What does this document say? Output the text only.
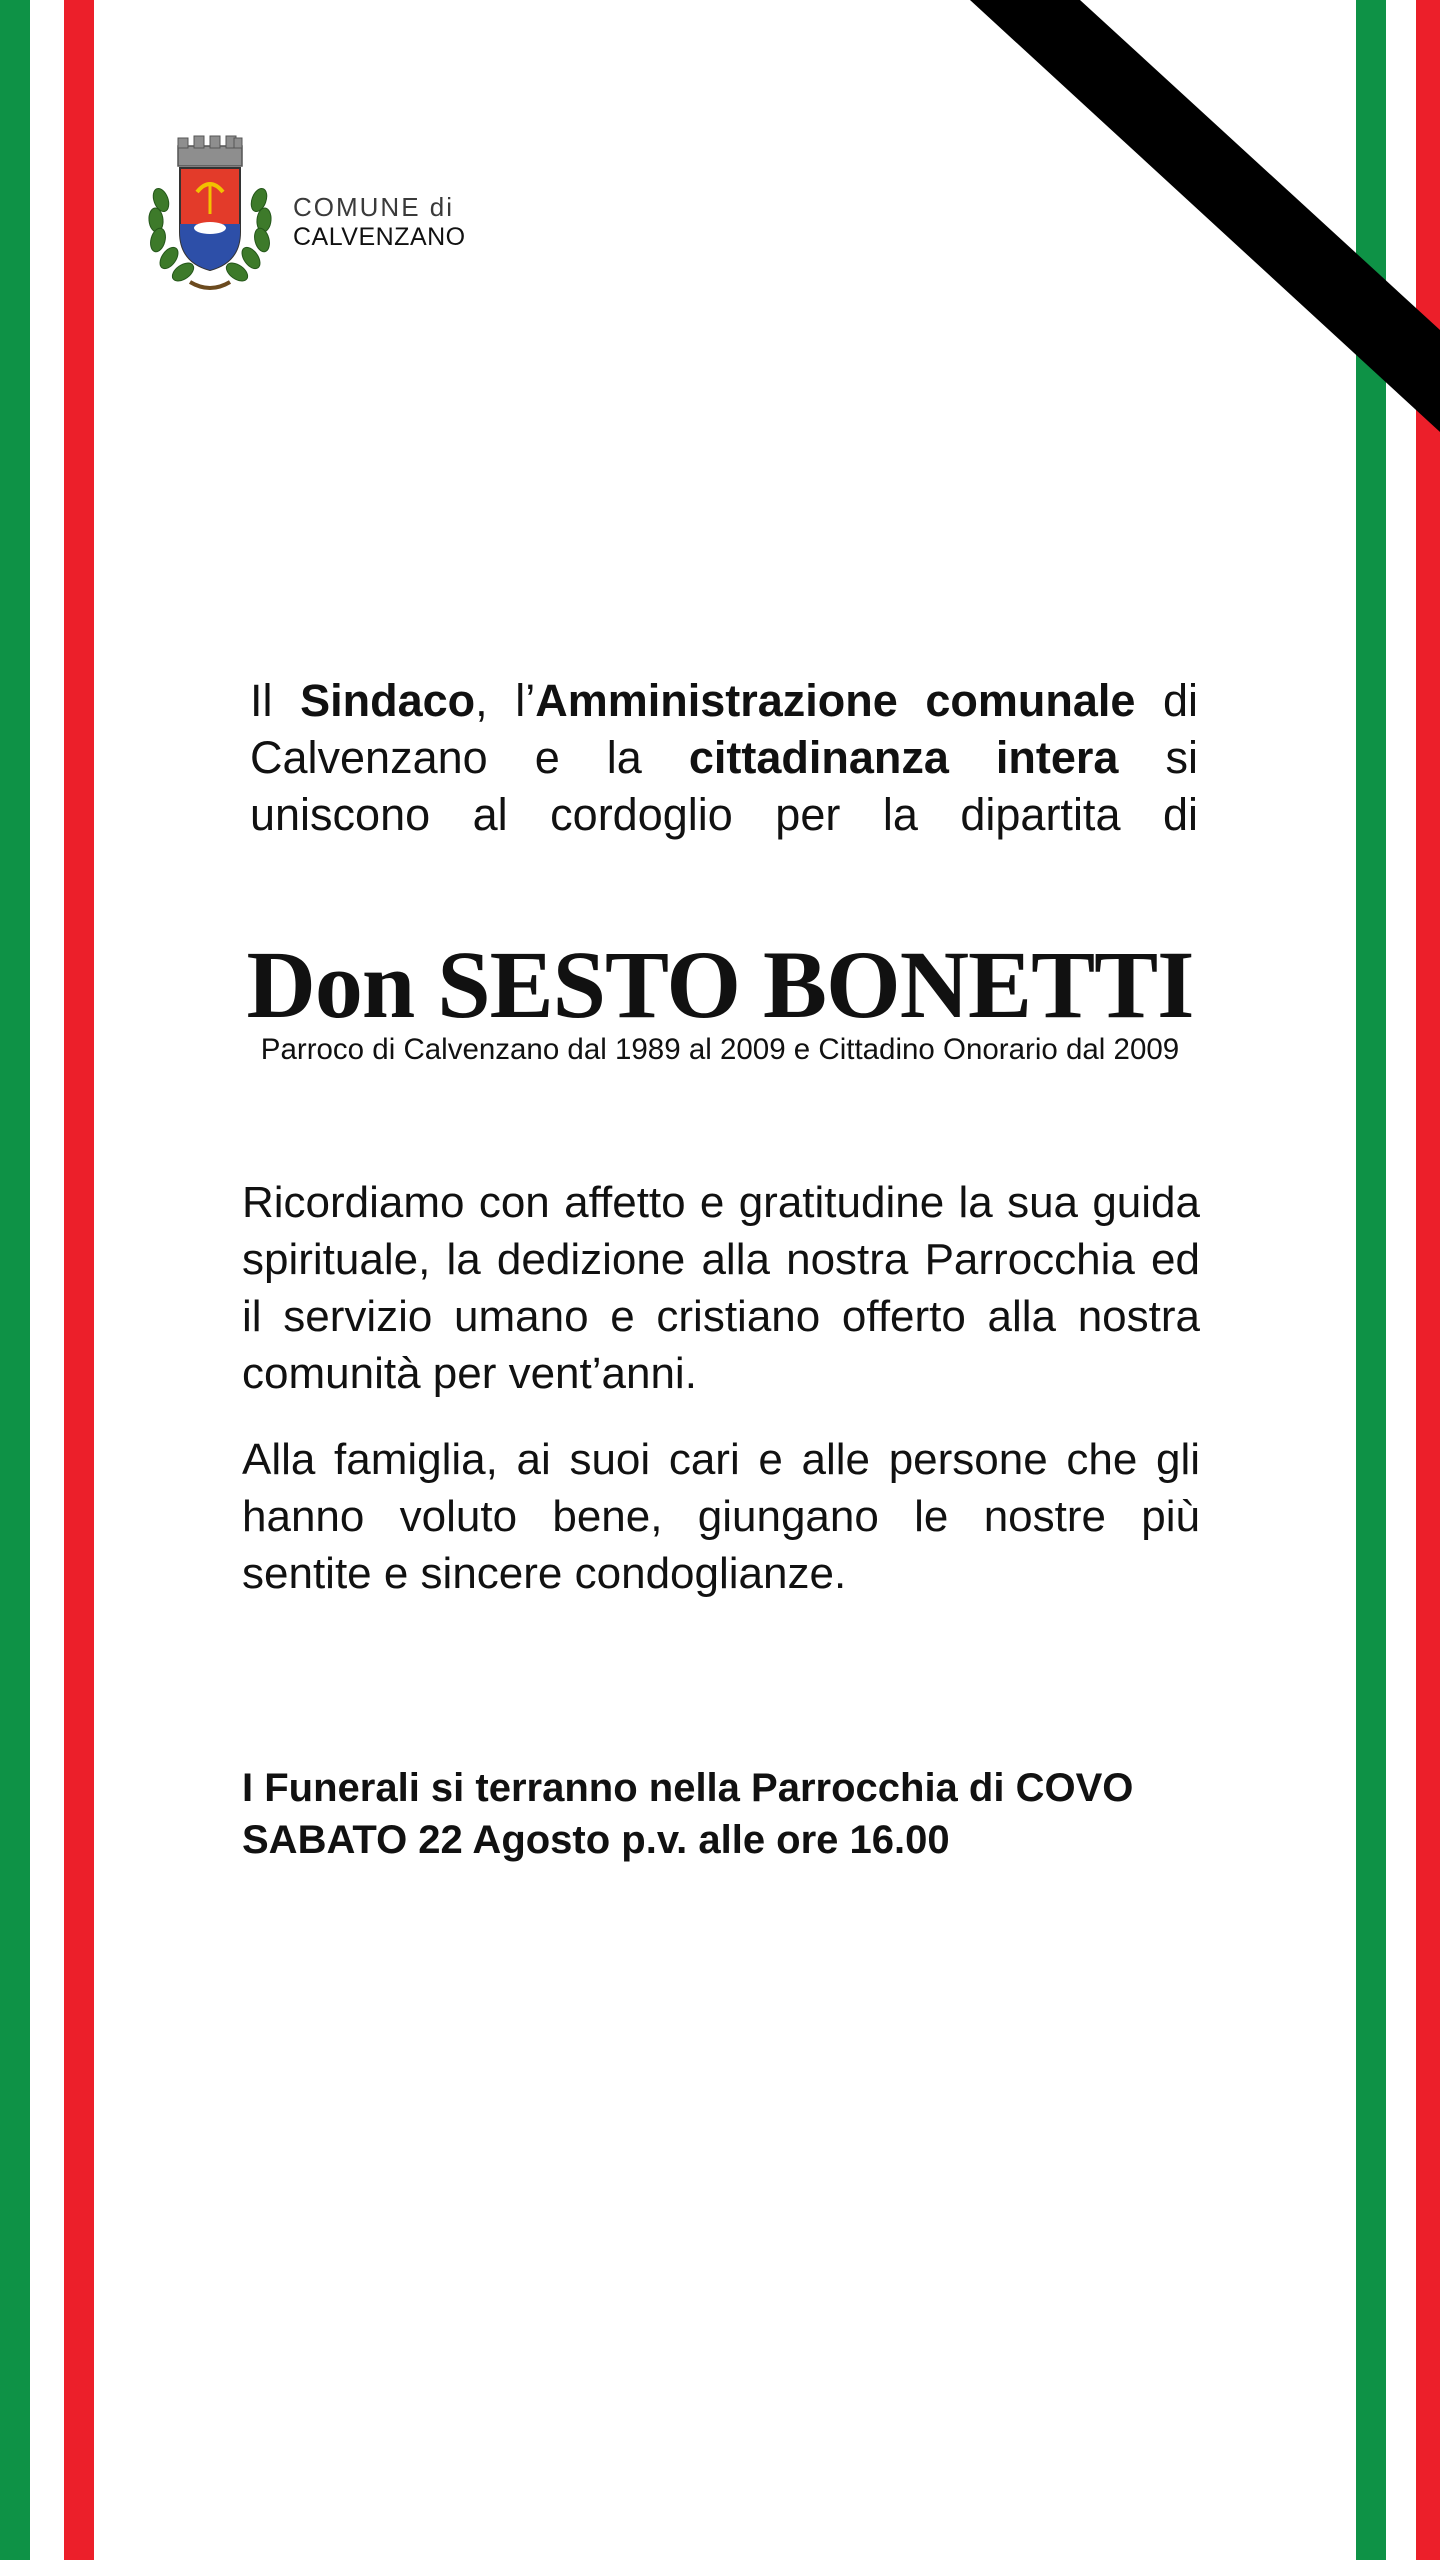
COMUNE di
CALVENZANO

Il Sindaco, l’Amministrazione comunale di Calvenzano e la cittadinanza intera si uniscono al cordoglio per la dipartita di

Don SESTO BONETTI
Parroco di Calvenzano dal 1989 al 2009 e Cittadino Onorario dal 2009

Ricordiamo con affetto e gratitudine la sua guida spirituale, la dedizione alla nostra Parrocchia ed il servizio umano e cristiano offerto alla nostra comunità per vent’anni.

Alla famiglia, ai suoi cari e alle persone che gli hanno voluto bene, giungano le nostre più sentite e sincere condoglianze.

I Funerali si terranno nella Parrocchia di COVO
SABATO 22 Agosto p.v. alle ore 16.00
